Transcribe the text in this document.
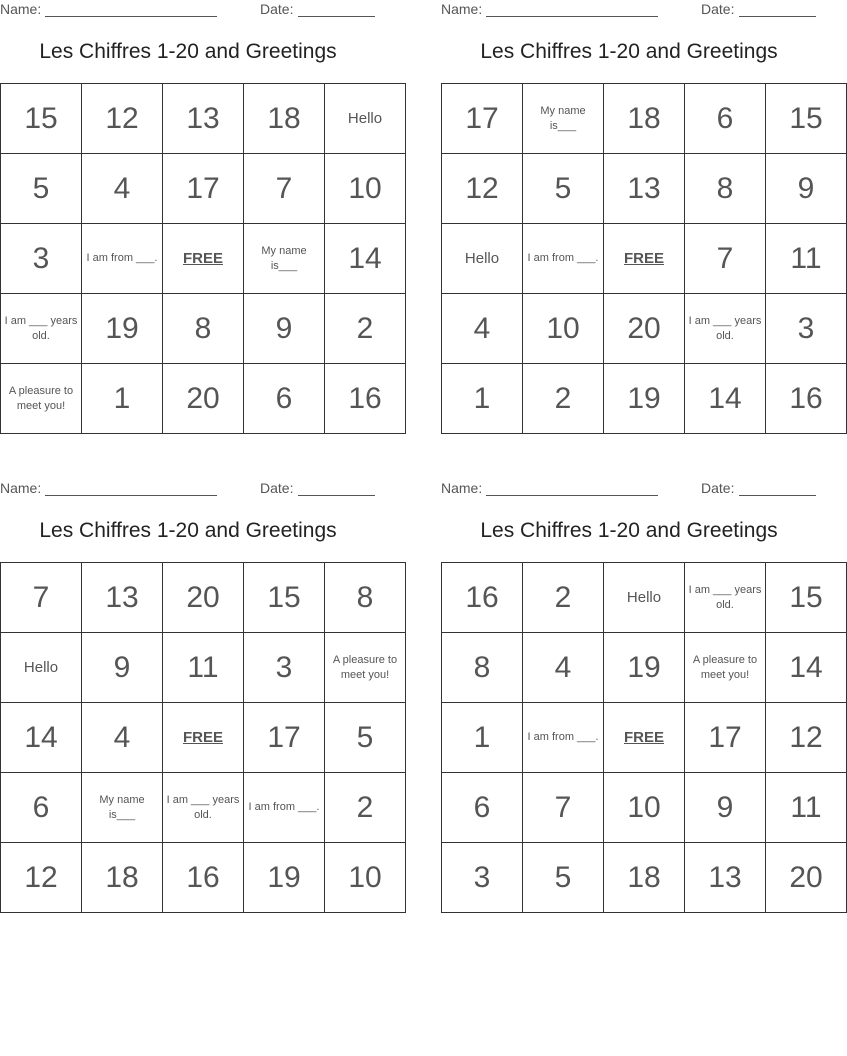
Name:	Date:
Les Chiffres 1-20 and Greetings
15	12	13	18	Hello
5	4	17	7	10
3	I am from ___.	FREE	My name is___	14
I am ___ years old.	19	8	9	2
A pleasure to meet you!	1	20	6	16
Name:	Date:
Les Chiffres 1-20 and Greetings
17	My name is___	18	6	15
12	5	13	8	9
Hello	I am from ___.	FREE	7	11
4	10	20	I am ___ years old.	3
1	2	19	14	16
Name:	Date:
Les Chiffres 1-20 and Greetings
7	13	20	15	8
Hello	9	11	3	A pleasure to meet you!
14	4	FREE	17	5
6	My name is___	I am ___ years old.	I am from ___.	2
12	18	16	19	10
Name:	Date:
Les Chiffres 1-20 and Greetings
16	2	Hello	I am ___ years old.	15
8	4	19	A pleasure to meet you!	14
1	I am from ___.	FREE	17	12
6	7	10	9	11
3	5	18	13	20
